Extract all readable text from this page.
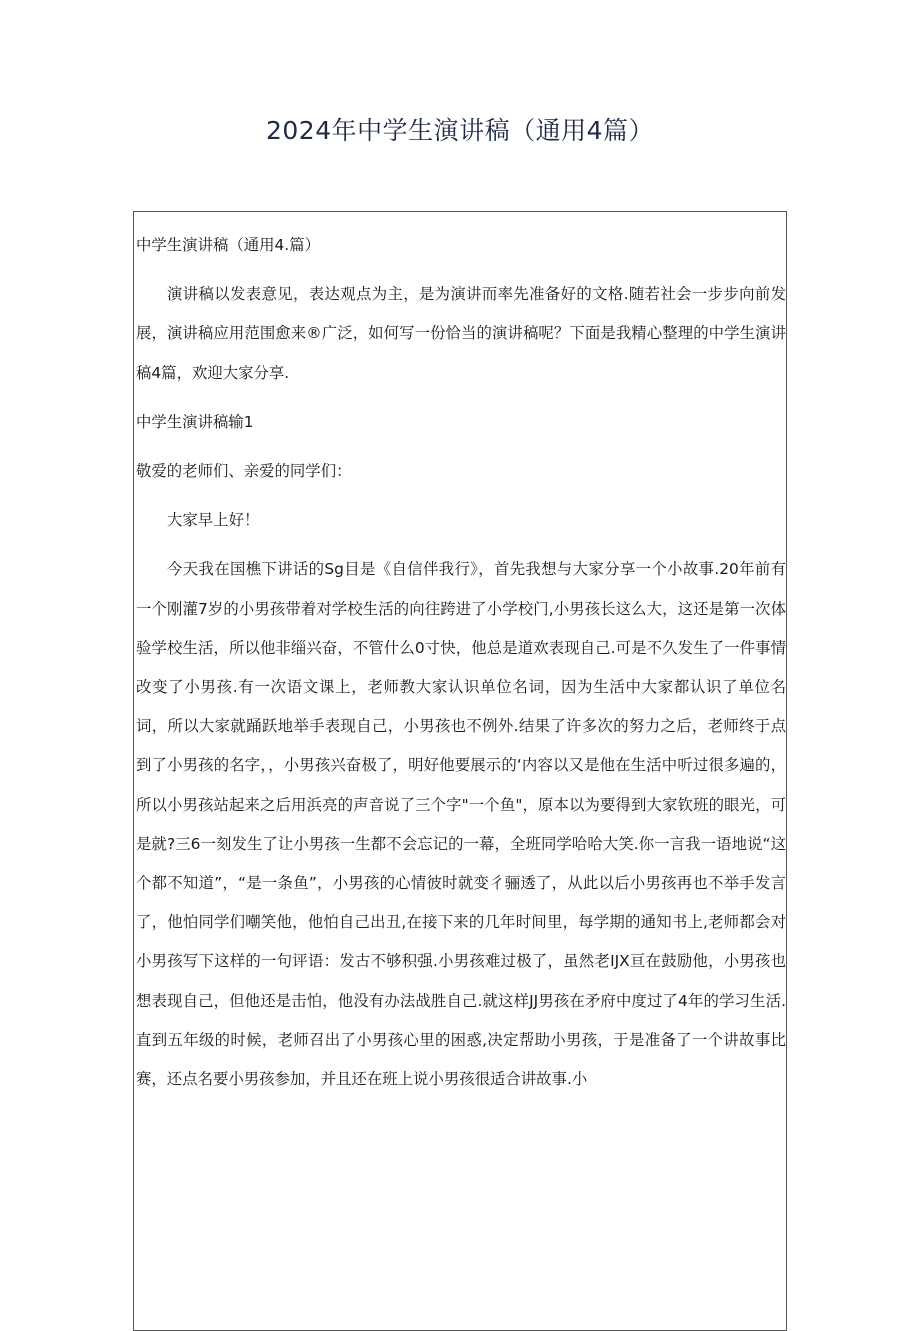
2024年中学生演讲稿（通用4篇）

中学生演讲稿（通用4.篇）

演讲稿以发表意见，表达观点为主，是为演讲而率先准备好的文格.随若社会一步步向前发展，演讲稿应用范围愈来®广泛，如何写一份恰当的演讲稿呢？下面是我精心整理的中学生演讲稿4篇，欢迎大家分享.

中学生演讲稿输1

敬爱的老师们、亲爱的同学们：

大家早上好！

今天我在国樵下讲话的Sg目是《自信伴我行》，首先我想与大家分享一个小故事.20年前有一个刚灌7岁的小男孩带着对学校生活的向往跨进了小学校门,小男孩长这么大，这还是第一次体验学校生活，所以他非缁兴奋，不管什么0寸快，他总是道欢表现自己.可是不久发生了一件事情改变了小男孩.有一次语文课上，老师教大家认识单位名词，因为生活中大家都认识了单位名词，所以大家就踊跃地举手表现自己，小男孩也不例外.结果了许多次的努力之后，老师终于点到了小男孩的名字，，小男孩兴奋极了，明好他要展示的‘内容以又是他在生活中听过很多遍的，所以小男孩站起来之后用浜亮的声音说了三个字"一个鱼"，原本以为要得到大家钦班的眼光，可是就?三6一刻发生了让小男孩一生都不会忘记的一幕，全班同学哈哈大笑.你一言我一语地说“这个都不知道”，“是一条鱼”，小男孩的心情彼时就变彳骊透了，从此以后小男孩再也不举手发言了，他怕同学们嘲笑他，他怕自己出丑,在接下来的几年时间里，每学期的通知书上,老师都会对小男孩写下这样的一句评语：发古不够积强.小男孩难过极了，虽然老IJX亘在鼓励他，小男孩也想表现自己，但他还是击怕，他没有办法战胜自己.就这样JJ男孩在矛府中度过了4年的学习生活.直到五年级的时候，老师召出了小男孩心里的困惑,决定帮助小男孩，于是准备了一个讲故事比赛，还点名要小男孩参加，并且还在班上说小男孩很适合讲故事.小
